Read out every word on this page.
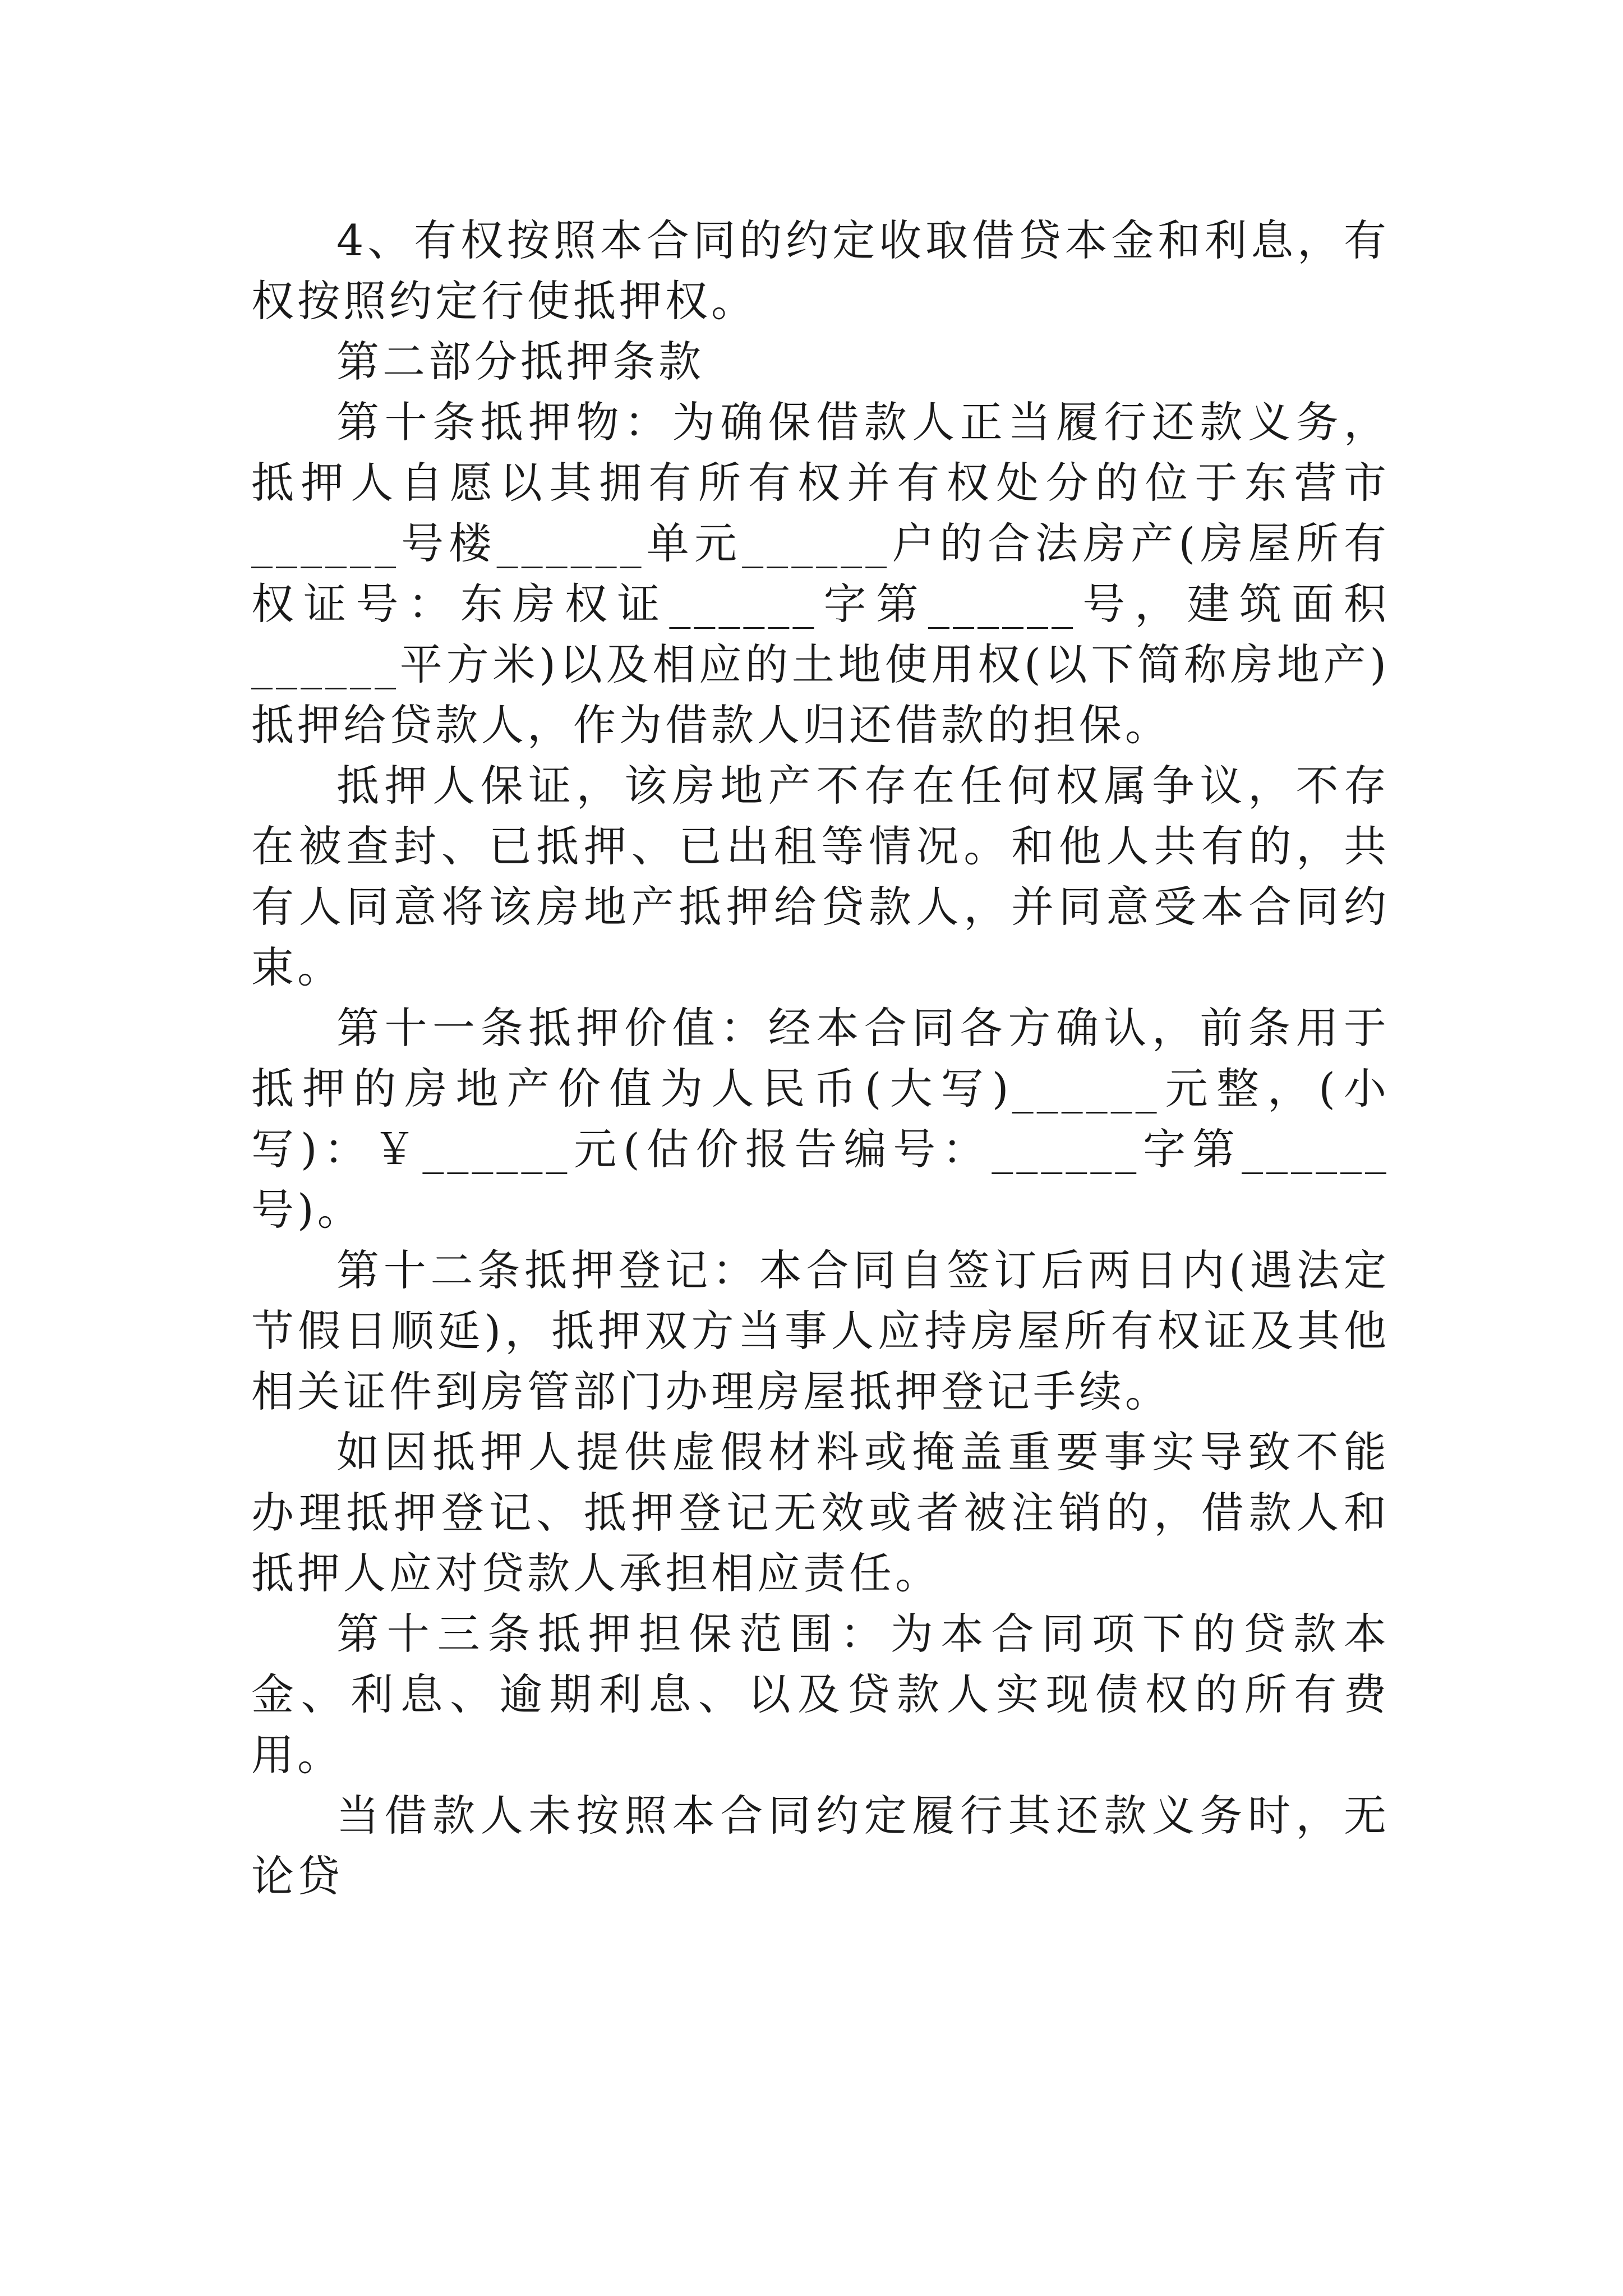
4、有权按照本合同的约定收取借贷本金和利息，有权按照约定行使抵押权。

第二部分抵押条款

第十条抵押物：为确保借款人正当履行还款义务，抵押人自愿以其拥有所有权并有权处分的位于东营市______号楼______单元______户的合法房产(房屋所有权证号：东房权证______字第______号，建筑面积______平方米)以及相应的土地使用权(以下简称房地产)抵押给贷款人，作为借款人归还借款的担保。

抵押人保证，该房地产不存在任何权属争议，不存在被查封、已抵押、已出租等情况。和他人共有的，共有人同意将该房地产抵押给贷款人，并同意受本合同约束。

第十一条抵押价值：经本合同各方确认，前条用于抵押的房地产价值为人民币(大写)______元整，(小写)：￥______元(估价报告编号：______字第______号)。

第十二条抵押登记：本合同自签订后两日内(遇法定节假日顺延)，抵押双方当事人应持房屋所有权证及其他相关证件到房管部门办理房屋抵押登记手续。

如因抵押人提供虚假材料或掩盖重要事实导致不能办理抵押登记、抵押登记无效或者被注销的，借款人和抵押人应对贷款人承担相应责任。

第十三条抵押担保范围：为本合同项下的贷款本金、利息、逾期利息、以及贷款人实现债权的所有费用。

当借款人未按照本合同约定履行其还款义务时，无论贷
